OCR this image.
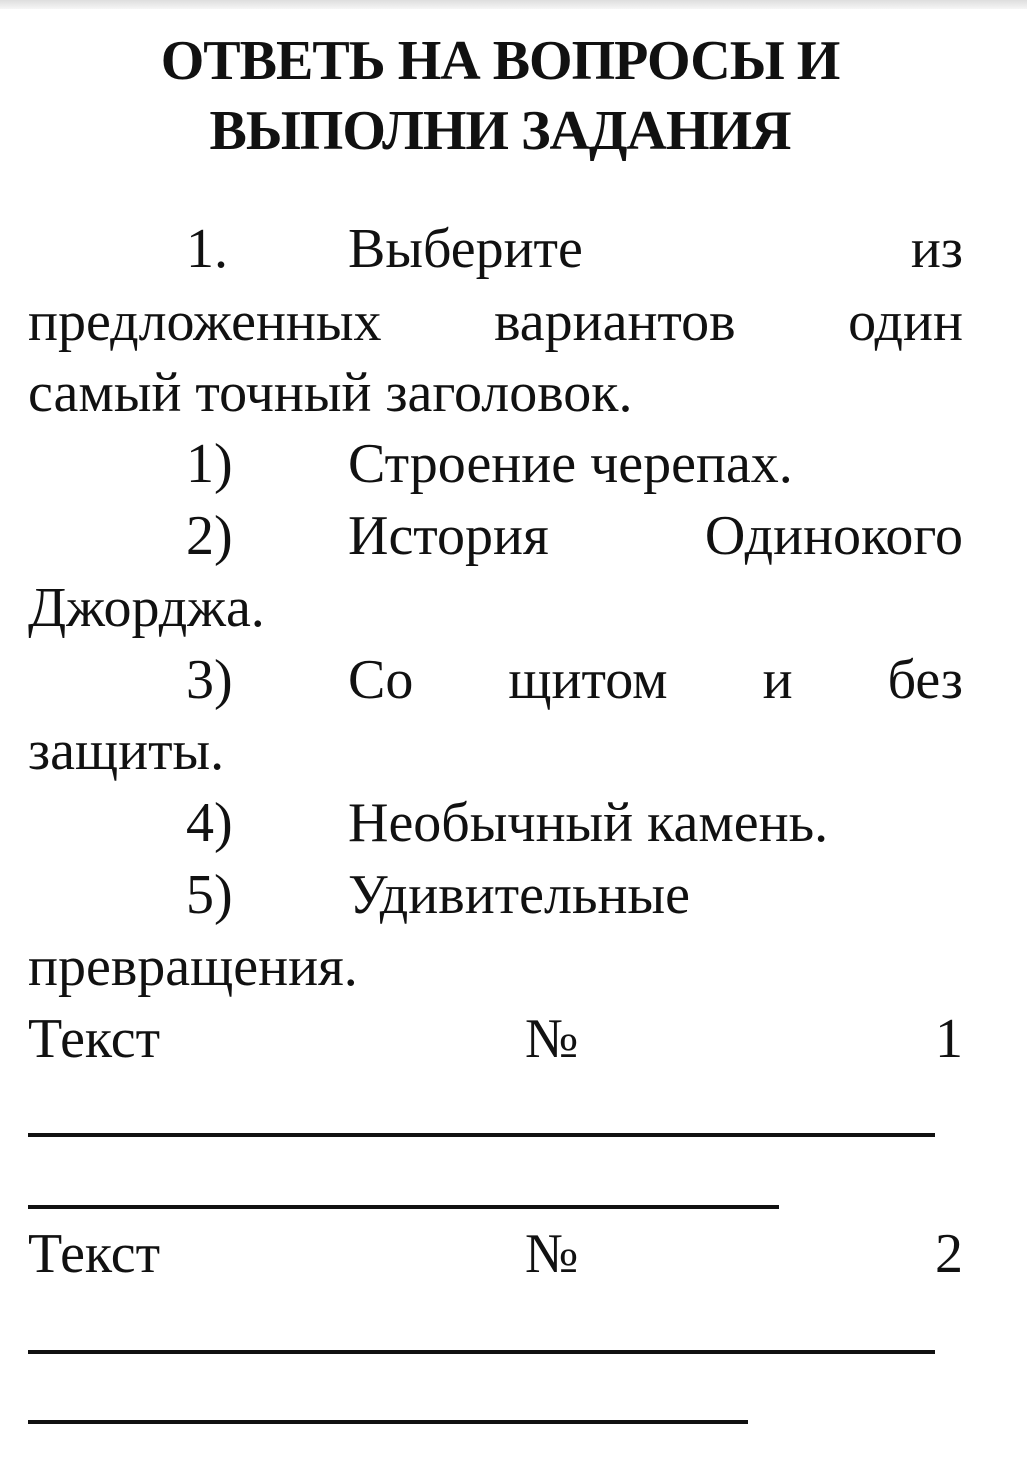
ОТВЕТЬ НА ВОПРОСЫ И
ВЫПОЛНИ ЗАДАНИЯ
1. Выберите	из
предложенных вариантов один
самый точный заголовок.
1) Строение черепах.
2) История	Одинокого
Джорджа.
3) Со щитом и без
защиты.
4) Необычный камень.
5) Удивительные
превращения.
Текст	№	1
Текст	№	2
